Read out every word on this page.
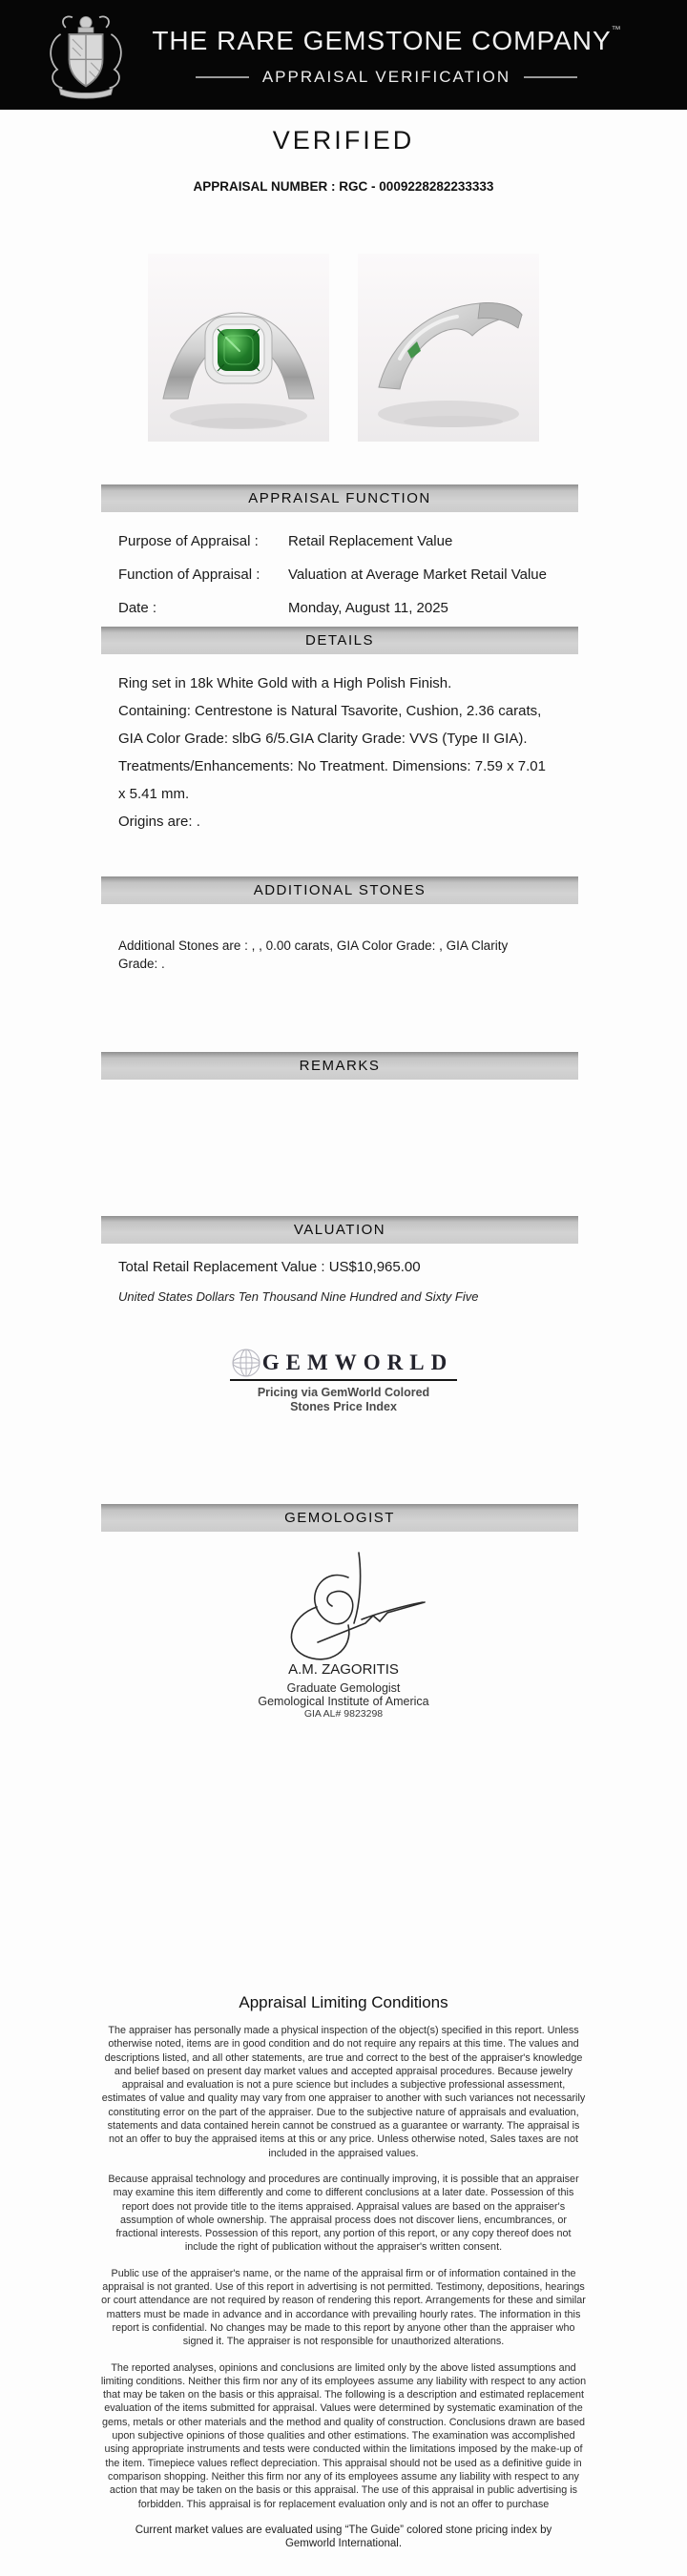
THE RARE GEMSTONE COMPANY™
APPRAISAL VERIFICATION
VERIFIED
APPRAISAL NUMBER : RGC - 0009228282233333
APPRAISAL FUNCTION
Purpose of Appraisal :	Retail Replacement Value
Function of Appraisal :	Valuation at Average Market Retail Value
Date :	Monday, August 11, 2025
DETAILS
Ring set in 18k White Gold with a High Polish Finish.
Containing: Centrestone is Natural Tsavorite, Cushion, 2.36 carats, GIA Color Grade: slbG 6/5.GIA Clarity Grade: VVS (Type II GIA). Treatments/Enhancements: No Treatment. Dimensions: 7.59 x 7.01 x 5.41 mm.
Origins are: .
ADDITIONAL STONES
Additional Stones are : , , 0.00 carats, GIA Color Grade: , GIA Clarity Grade: .
REMARKS
VALUATION
Total Retail Replacement Value : US$10,965.00
United States Dollars Ten Thousand Nine Hundred and Sixty Five
GEMWORLD
Pricing via GemWorld Colored
Stones Price Index
GEMOLOGIST
A.M. ZAGORITIS
Graduate Gemologist
Gemological Institute of America
GIA AL# 9823298
Appraisal Limiting Conditions

The appraiser has personally made a physical inspection of the object(s) specified in this report. Unless otherwise noted, items are in good condition and do not require any repairs at this time. The values and descriptions listed, and all other statements, are true and correct to the best of the appraiser's knowledge and belief based on present day market values and accepted appraisal procedures. Because jewelry appraisal and evaluation is not a pure science but includes a subjective professional assessment, estimates of value and quality may vary from one appraiser to another with such variances not necessarily constituting error on the part of the appraiser. Due to the subjective nature of appraisals and evaluation, statements and data contained herein cannot be construed as a guarantee or warranty. The appraisal is not an offer to buy the appraised items at this or any price. Unless otherwise noted, Sales taxes are not included in the appraised values.

Because appraisal technology and procedures are continually improving, it is possible that an appraiser may examine this item differently and come to different conclusions at a later date. Possession of this report does not provide title to the items appraised. Appraisal values are based on the appraiser's assumption of whole ownership. The appraisal process does not discover liens, encumbrances, or fractional interests. Possession of this report, any portion of this report, or any copy thereof does not include the right of publication without the appraiser's written consent.

Public use of the appraiser's name, or the name of the appraisal firm or of information contained in the appraisal is not granted. Use of this report in advertising is not permitted. Testimony, depositions, hearings or court attendance are not required by reason of rendering this report. Arrangements for these and similar matters must be made in advance and in accordance with prevailing hourly rates. The information in this report is confidential. No changes may be made to this report by anyone other than the appraiser who signed it. The appraiser is not responsible for unauthorized alterations.

The reported analyses, opinions and conclusions are limited only by the above listed assumptions and limiting conditions. Neither this firm nor any of its employees assume any liability with respect to any action that may be taken on the basis or this appraisal. The following is a description and estimated replacement evaluation of the items submitted for appraisal. Values were determined by systematic examination of the gems, metals or other materials and the method and quality of construction. Conclusions drawn are based upon subjective opinions of those qualities and other estimations. The examination was accomplished using appropriate instruments and tests were conducted within the limitations imposed by the make-up of the item. Timepiece values reflect depreciation. This appraisal should not be used as a definitive guide in comparison shopping. Neither this firm nor any of its employees assume any liability with respect to any action that may be taken on the basis or this appraisal. The use of this appraisal in public advertising is forbidden. This appraisal is for replacement evaluation only and is not an offer to purchase

Current market values are evaluated using “The Guide” colored stone pricing index by Gemworld International.
